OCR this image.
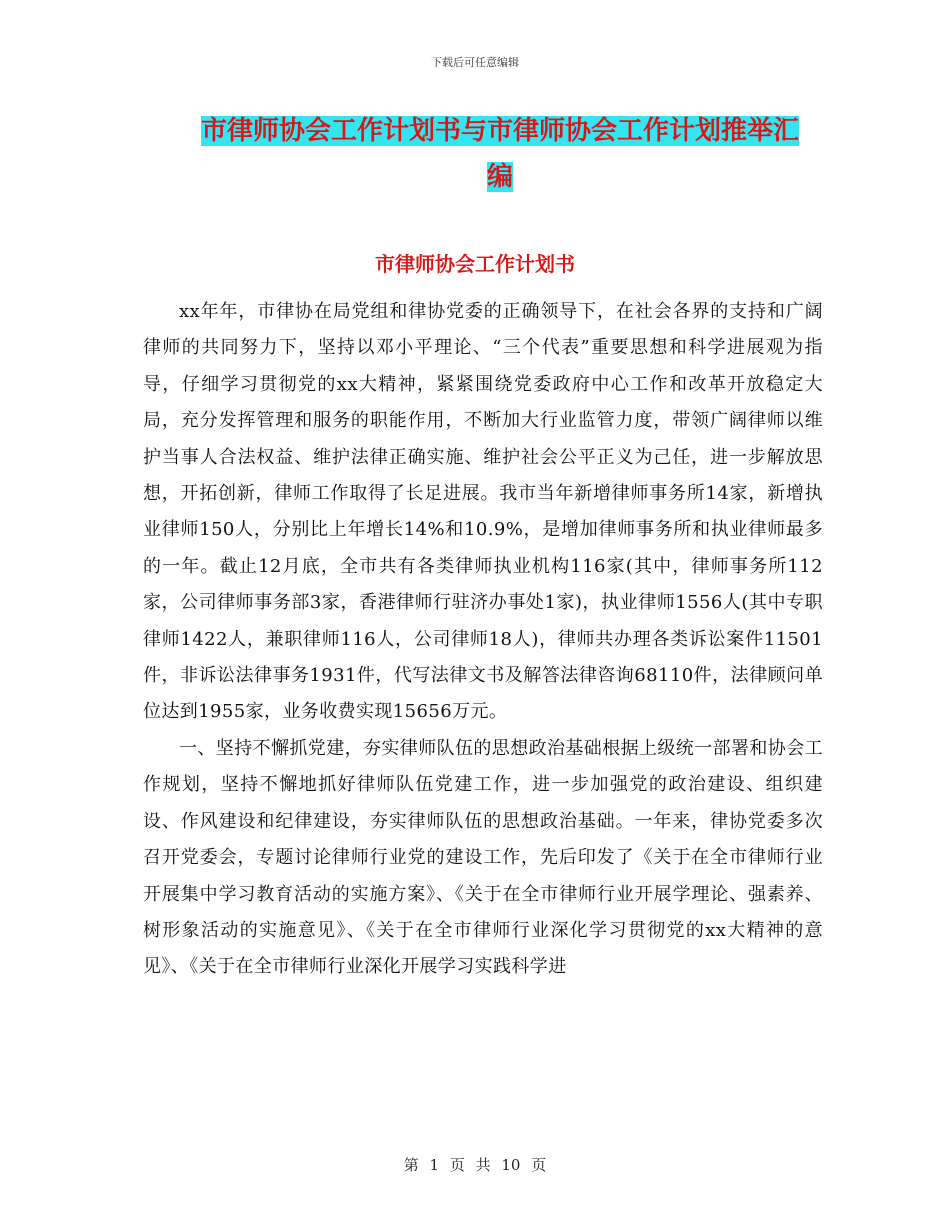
下载后可任意编辑
市律师协会工作计划书与市律师协会工作计划推举汇编
市律师协会工作计划书

xx年年，市律协在局党组和律协党委的正确领导下，在社会各界的支持和广阔律师的共同努力下，坚持以邓小平理论、“三个代表”重要思想和科学进展观为指导，仔细学习贯彻党的xx大精神，紧紧围绕党委政府中心工作和改革开放稳定大局，充分发挥管理和服务的职能作用，不断加大行业监管力度，带领广阔律师以维护当事人合法权益、维护法律正确实施、维护社会公平正义为己任，进一步解放思想，开拓创新，律师工作取得了长足进展。我市当年新增律师事务所14家，新增执业律师150人，分别比上年增长14%和10.9%，是增加律师事务所和执业律师最多的一年。截止12月底，全市共有各类律师执业机构116家(其中，律师事务所112家，公司律师事务部3家，香港律师行驻济办事处1家)，执业律师1556人(其中专职律师1422人，兼职律师116人，公司律师18人)，律师共办理各类诉讼案件11501件，非诉讼法律事务1931件，代写法律文书及解答法律咨询68110件，法律顾问单位达到1955家，业务收费实现15656万元。

一、坚持不懈抓党建，夯实律师队伍的思想政治基础根据上级统一部署和协会工作规划，坚持不懈地抓好律师队伍党建工作，进一步加强党的政治建设、组织建设、作风建设和纪律建设，夯实律师队伍的思想政治基础。一年来，律协党委多次召开党委会，专题讨论律师行业党的建设工作，先后印发了《关于在全市律师行业开展集中学习教育活动的实施方案》、《关于在全市律师行业开展学理论、强素养、树形象活动的实施意见》、《关于在全市律师行业深化学习贯彻党的xx大精神的意见》、《关于在全市律师行业深化开展学习实践科学进

第 1 页 共 10 页
